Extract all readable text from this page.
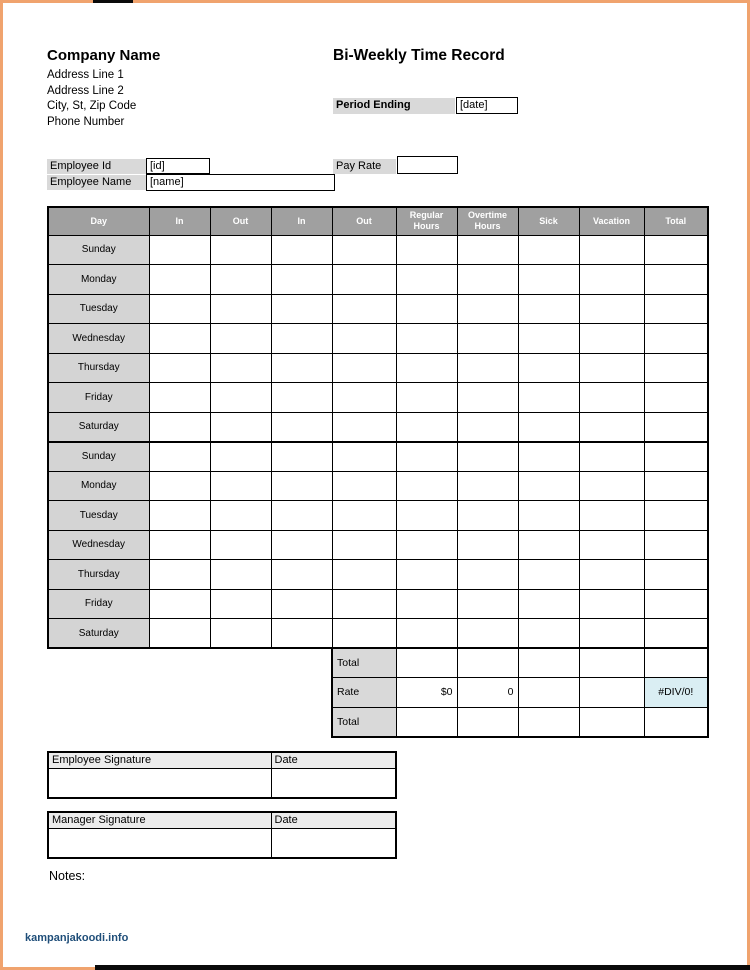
Company Name
Address Line 1
Address Line 2
City, St, Zip Code
Phone Number
Bi-Weekly Time Record
Period Ending	[date]
Employee Id	[id]	Pay Rate
Employee Name	[name]
Day	In	Out	In	Out	Regular Hours	Overtime Hours	Sick	Vacation	Total
Sunday									
Monday									
Tuesday									
Wednesday									
Thursday									
Friday									
Saturday									
Sunday									
Monday									
Tuesday									
Wednesday									
Thursday									
Friday									
Saturday									
Total					
Rate	$0	0			#DIV/0!
Total					
Employee Signature	Date

Manager Signature	Date

Notes:
kampanjakoodi.info
